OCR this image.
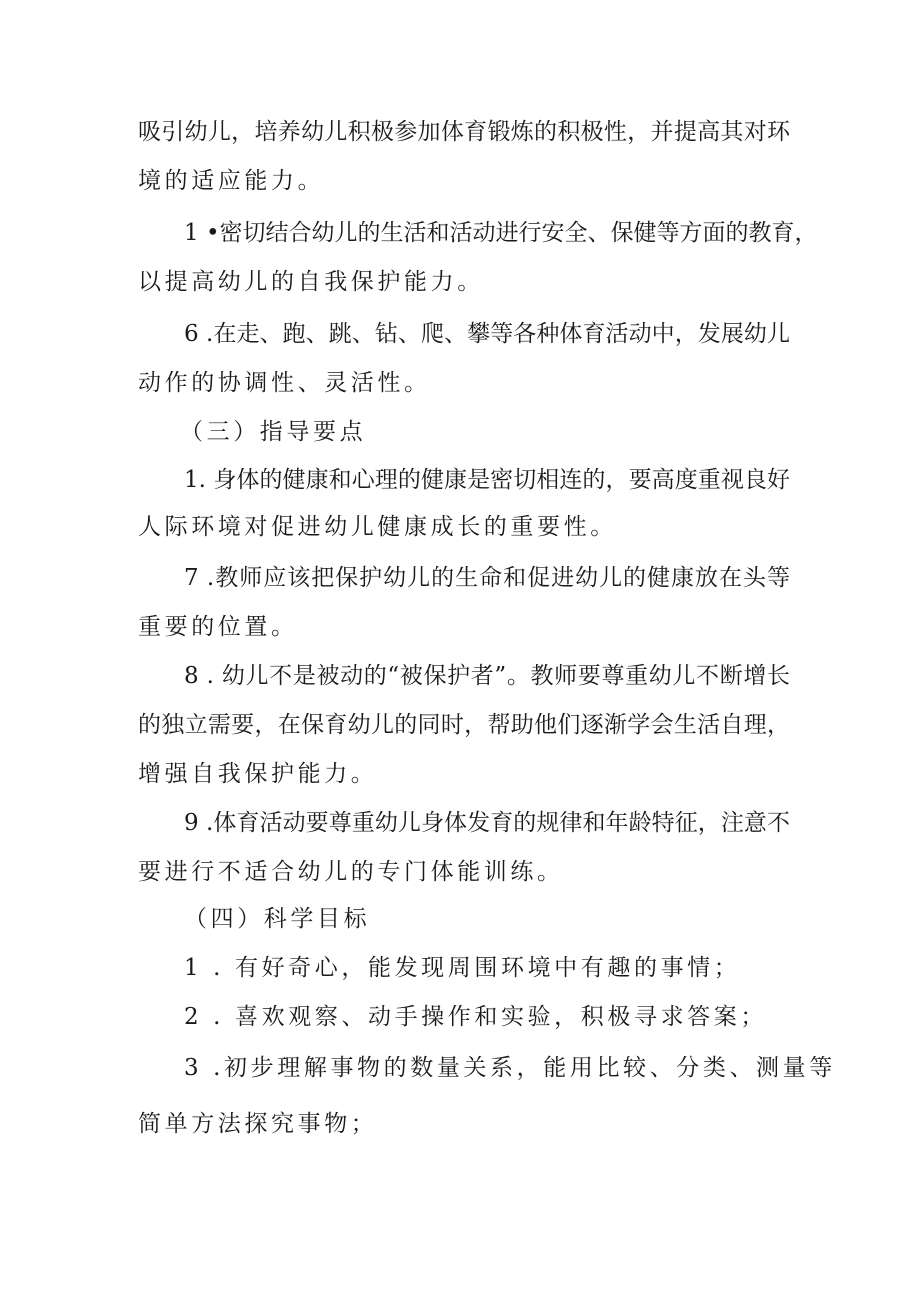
吸引幼儿，培养幼儿积极参加体育锻炼的积极性，并提高其对环
境的适应能力。
1 •密切结合幼儿的生活和活动进行安全、保健等方面的教育，
以提高幼儿的自我保护能力。
6 .在走、跑、跳、钻、爬、攀等各种体育活动中，发展幼儿
动作的协调性、灵活性。
（三）指导要点
1. 身体的健康和心理的健康是密切相连的，要高度重视良好
人际环境对促进幼儿健康成长的重要性。
7 .教师应该把保护幼儿的生命和促进幼儿的健康放在头等
重要的位置。
8 . 幼儿不是被动的“被保护者”。教师要尊重幼儿不断增长
的独立需要，在保育幼儿的同时，帮助他们逐渐学会生活自理，
增强自我保护能力。
9 .体育活动要尊重幼儿身体发育的规律和年龄特征，注意不
要进行不适合幼儿的专门体能训练。
（四）科学目标
1 . 有好奇心，能发现周围环境中有趣的事情；
2 . 喜欢观察、动手操作和实验，积极寻求答案；
3 .初步理解事物的数量关系，能用比较、分类、测量等
简单方法探究事物；
